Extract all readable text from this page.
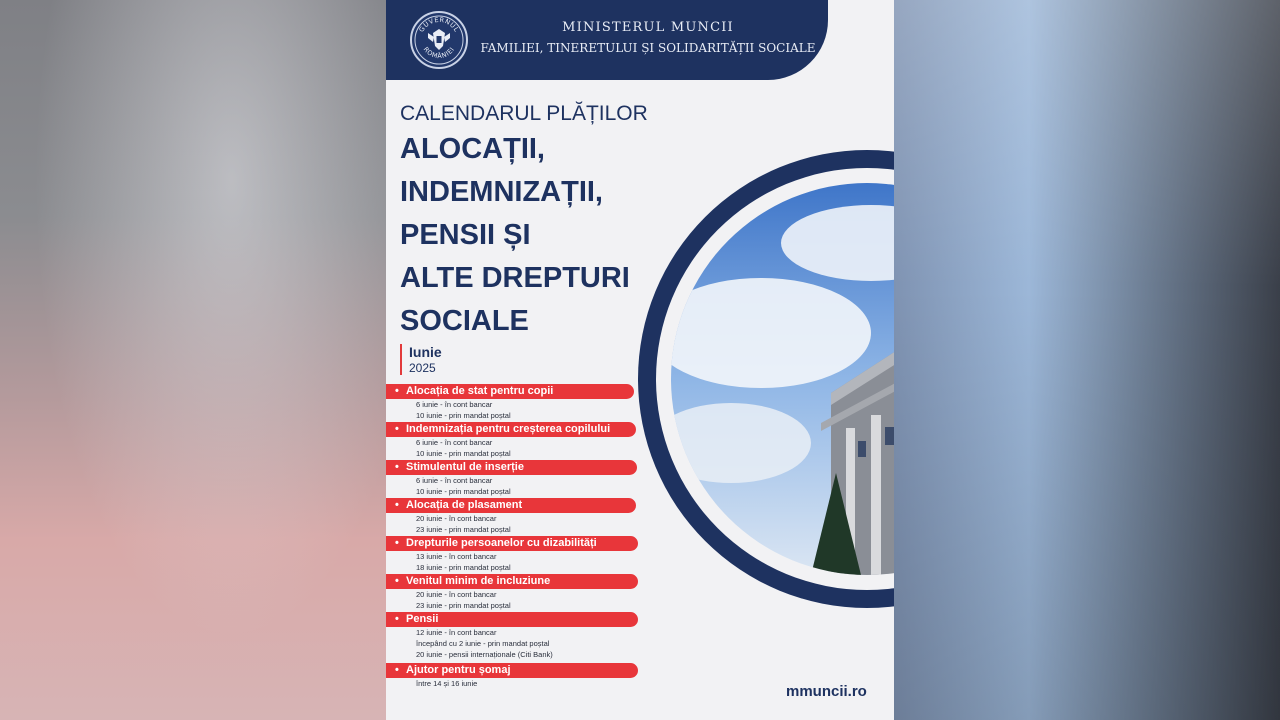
GUVERNUL
ROMÂNIEI
MINISTERUL MUNCII
FAMILIEI, TINERETULUI ȘI SOLIDARITĂȚII SOCIALE
CALENDARUL PLĂȚILOR
ALOCAȚII,
INDEMNIZAȚII,
PENSII ȘI
ALTE DREPTURI
SOCIALE
Iunie
2025
• Alocația de stat pentru copii
6 iunie - în cont bancar
10 iunie - prin mandat poștal
• Indemnizația pentru creșterea copilului
6 iunie - în cont bancar
10 iunie - prin mandat poștal
• Stimulentul de inserție
6 iunie - în cont bancar
10 iunie - prin mandat poștal
• Alocația de plasament
20 iunie - în cont bancar
23 iunie - prin mandat poștal
• Drepturile persoanelor cu dizabilități
13 iunie - în cont bancar
18 iunie - prin mandat poștal
• Venitul minim de incluziune
20 iunie - în cont bancar
23 iunie - prin mandat poștal
• Pensii
12 iunie - în cont bancar
începând cu 2 iunie - prin mandat poștal
20 iunie - pensii internaționale (Citi Bank)
• Ajutor pentru șomaj
între 14 și 16 iunie	mmuncii.ro
